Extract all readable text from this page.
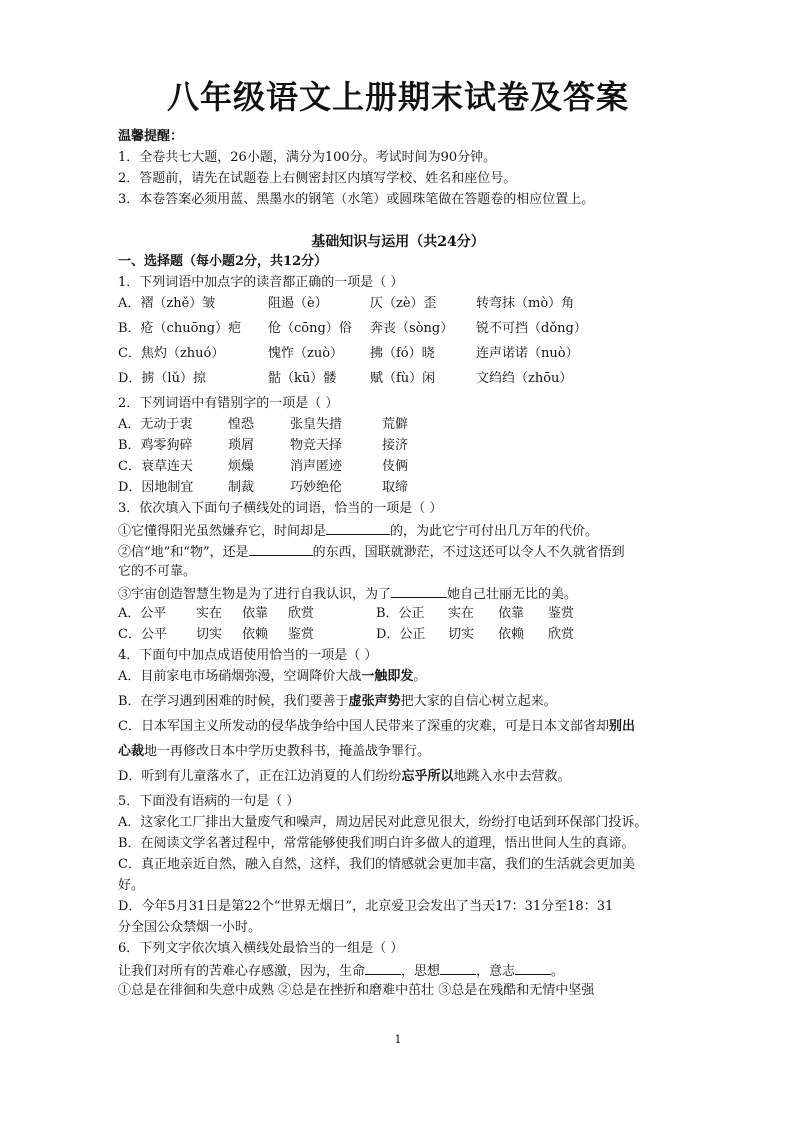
八年级语文上册期末试卷及答案
温馨提醒：
1．全卷共七大题，26小题，满分为100分。考试时间为90分钟。
2．答题前，请先在试题卷上右侧密封区内填写学校、姓名和座位号。
3．本卷答案必须用蓝、黑墨水的钢笔（水笔）或圆珠笔做在答题卷的相应位置上。
基础知识与运用（共24分）
一、选择题（每小题2分，共12分）
1．下列词语中加点字的读音都正确的一项是（ ）
A．褶（zhě）皱	阻遏（è）	仄（zè）歪	转弯抹（mò）角
B．疮（chuōng）疤 伧（cōng）俗 奔丧（sòng） 锐不可挡（dǒng）
C．焦灼（zhuó）	愧怍（zuò） 拂（fó）晓	连声诺诺（nuò）
D．掳（lǔ）掠	骷（kū）髅	赋（fù）闲	文绉绉（zhōu）
2．下列词语中有错别字的一项是（ ）
A．无动于衷	惶恐	张皇失措	荒僻
B．鸡零狗碎	琐屑	物竞天择	接济
C．衰草连天	烦燥	消声匿迹	伎俩
D．因地制宜	制裁	巧妙绝伦	取缔
3．依次填入下面句子横线处的词语，恰当的一项是（ ）
①它懂得阳光虽然嫌弃它，时间却是	的，为此它宁可付出几万年的代价。
②信“地”和“物”，还是	的东西，国联就渺茫，不过这还可以令人不久就省悟到
它的不可靠。
③宇宙创造智慧生物是为了进行自我认识，为了	她自己壮丽无比的美。
A．公平 实在 依靠 欣赏	B．公正 实在 依靠 鉴赏
C．公平 切实 依赖 鉴赏	D．公正 切实 依赖 欣赏
4．下面句中加点成语使用恰当的一项是（ ）
A．目前家电市场硝烟弥漫，空调降价大战一触即发。
B．在学习遇到困难的时候，我们要善于虚张声势把大家的自信心树立起来。
C．日本军国主义所发动的侵华战争给中国人民带来了深重的灾难，可是日本文部省却别出
心裁地一再修改日本中学历史教科书，掩盖战争罪行。
D．听到有儿童落水了，正在江边消夏的人们纷纷忘乎所以地跳入水中去营救。
5．下面没有语病的一句是（ ）
A．这家化工厂排出大量废气和噪声，周边居民对此意见很大，纷纷打电话到环保部门投诉。
B．在阅读文学名著过程中，常常能够使我们明白许多做人的道理，悟出世间人生的真谛。
C．真正地亲近自然，融入自然，这样，我们的情感就会更加丰富，我们的生活就会更加美
好。
D．今年5月31日是第22个“世界无烟日”，北京爱卫会发出了当天17：31分至18：31
分全国公众禁烟一小时。
6．下列文字依次填入横线处最恰当的一组是（ ）
让我们对所有的苦难心存感激，因为，生命	，思想	，意志	。
①总是在徘徊和失意中成熟 ②总是在挫折和磨难中茁壮 ③总是在残酷和无情中坚强
1
